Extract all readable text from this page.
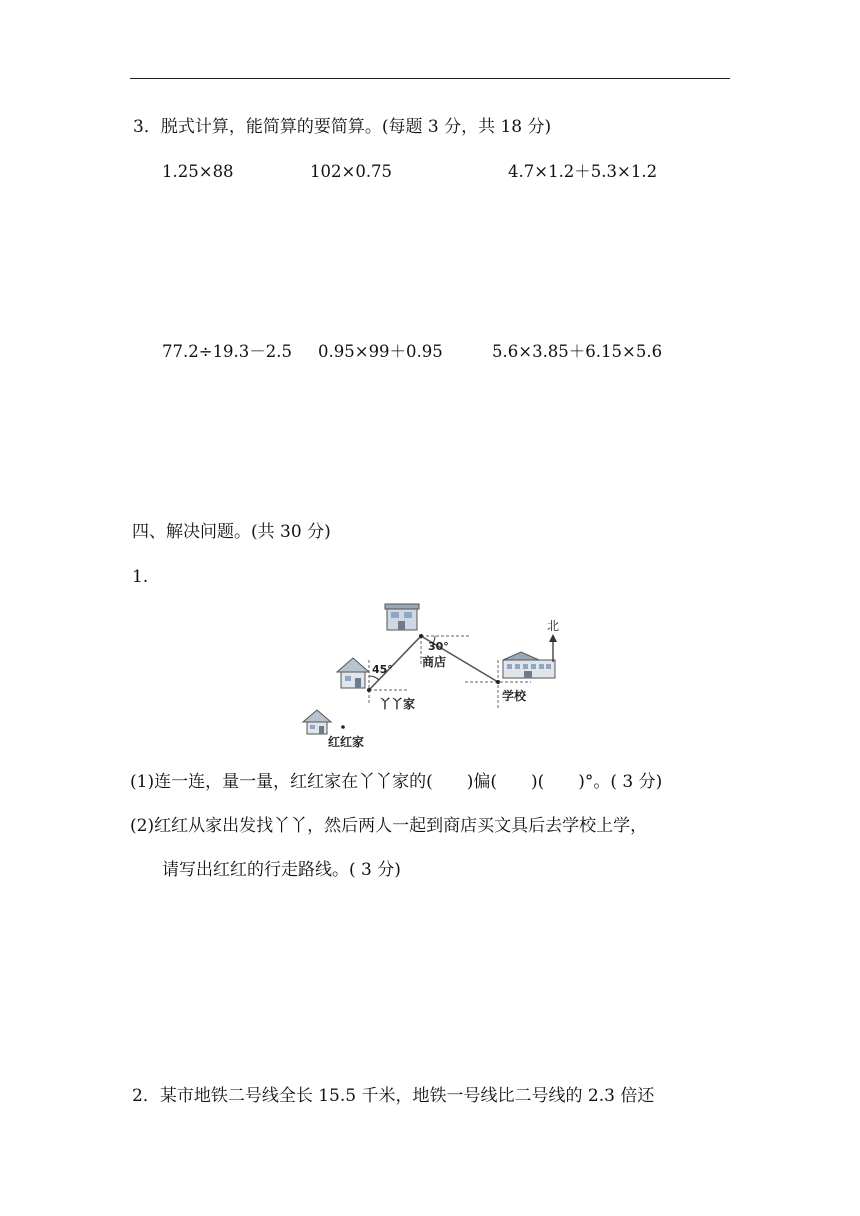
3．脱式计算，能简算的要简算。(每题 3 分，共 18 分)
1.25×88	102×0.75	4.7×1.2＋5.3×1.2
77.2÷19.3－2.5 0.95×99＋0.95	5.6×3.85＋6.15×5.6
四、解决问题。(共 30 分)
1.
北
30°
商店
45°
丫丫家
学校
红红家
(1)连一连，量一量，红红家在丫丫家的(　　)偏(　　)(　　)°。( 3 分)
(2)红红从家出发找丫丫，然后两人一起到商店买文具后去学校上学，
请写出红红的行走路线。( 3 分)
2．某市地铁二号线全长 15.5 千米，地铁一号线比二号线的 2.3 倍还
